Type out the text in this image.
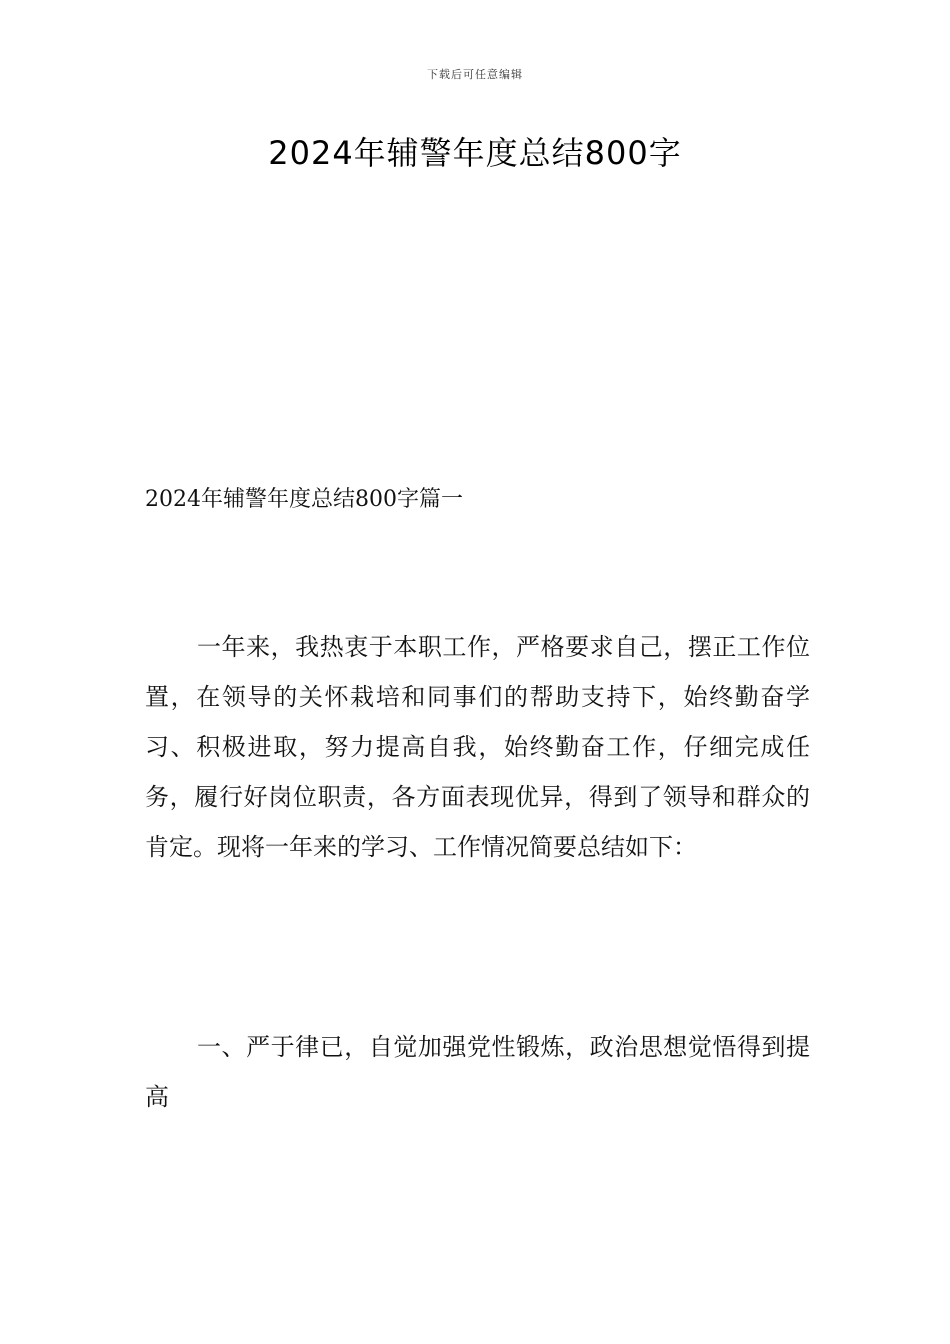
下载后可任意编辑
2024年辅警年度总结800字
2024年辅警年度总结800字篇一

一年来，我热衷于本职工作，严格要求自己，摆正工作位置，在领导的关怀栽培和同事们的帮助支持下，始终勤奋学习、积极进取，努力提高自我，始终勤奋工作，仔细完成任务，履行好岗位职责，各方面表现优异，得到了领导和群众的肯定。现将一年来的学习、工作情况简要总结如下：

一、严于律已，自觉加强党性锻炼，政治思想觉悟得到提高
